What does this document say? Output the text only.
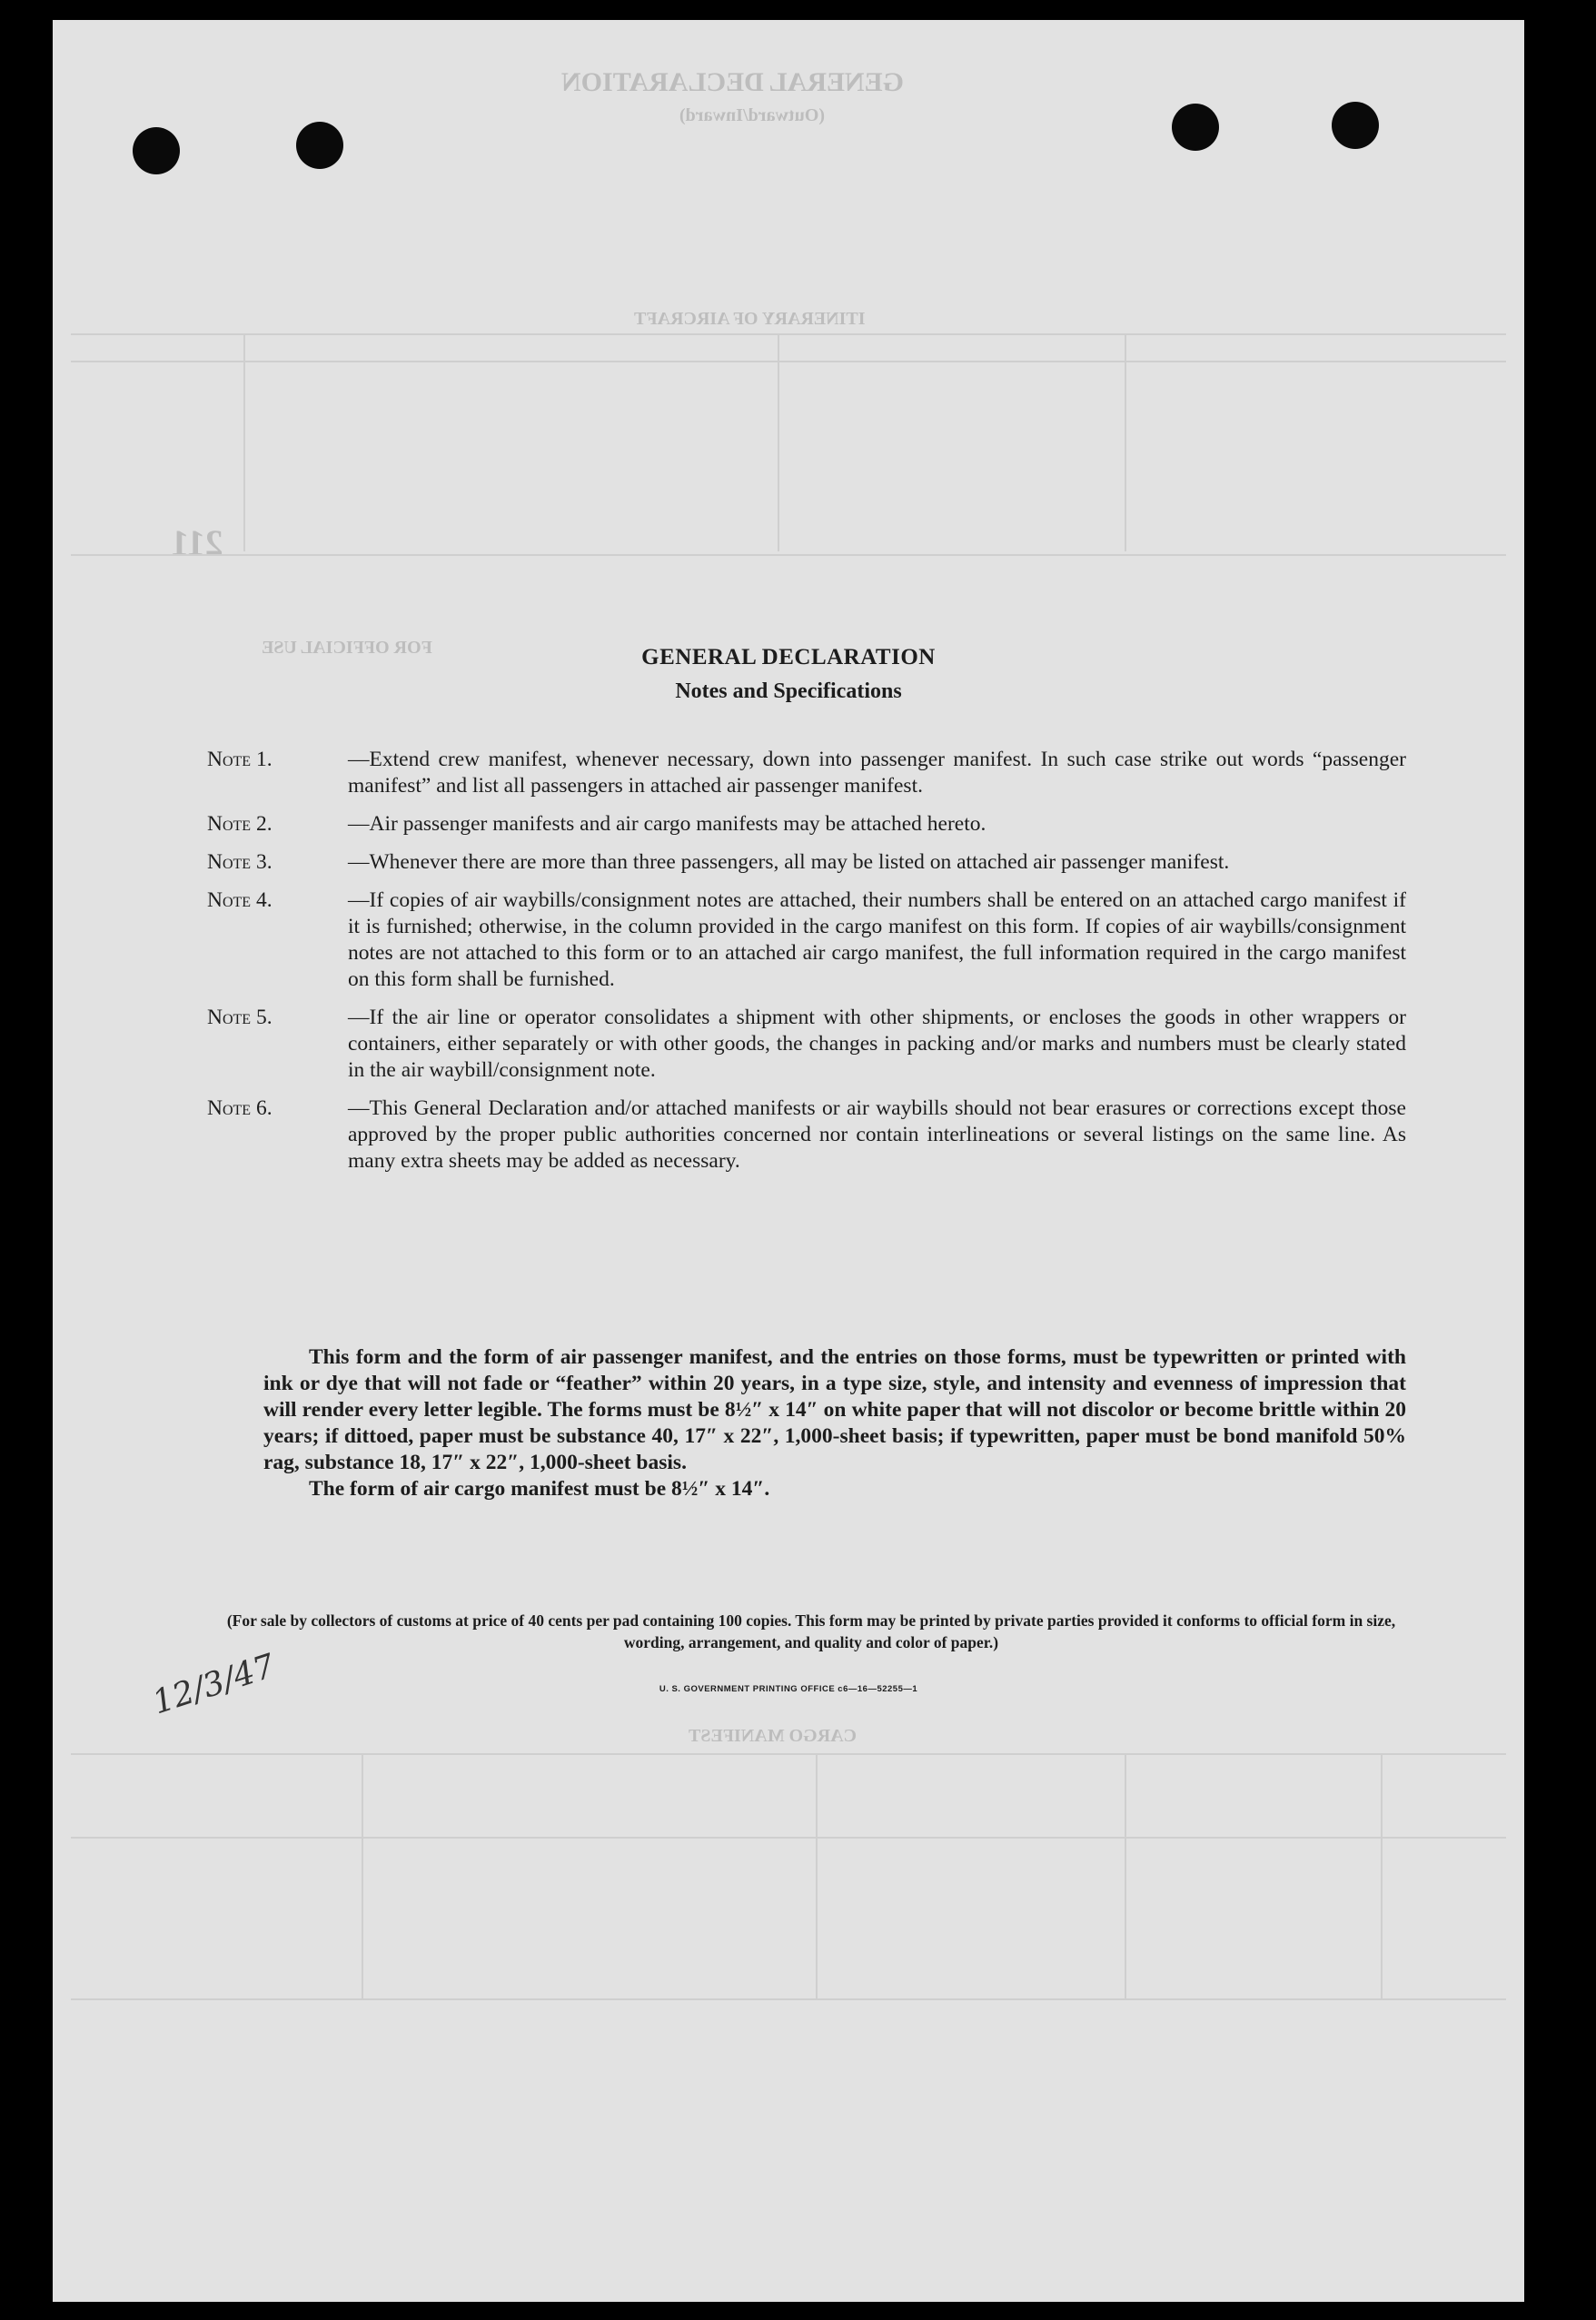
GENERAL DECLARATION
(Outward/Inward)
ITINERARY OF AIRCRAFT
211
FOR OFFICIAL USE
CARGO MANIFEST
GENERAL DECLARATION
Notes and Specifications
Note 1.	—Extend crew manifest, whenever necessary, down into passenger manifest. In such case strike out words “passenger manifest” and list all passengers in attached air passenger manifest.
Note 2.	—Air passenger manifests and air cargo manifests may be attached hereto.
Note 3.	—Whenever there are more than three passengers, all may be listed on attached air passenger manifest.
Note 4.	—If copies of air waybills/consignment notes are attached, their numbers shall be entered on an attached cargo manifest if it is furnished; otherwise, in the column provided in the cargo manifest on this form. If copies of air waybills/consignment notes are not attached to this form or to an attached air cargo manifest, the full information required in the cargo manifest on this form shall be furnished.
Note 5.	—If the air line or operator consolidates a shipment with other shipments, or encloses the goods in other wrappers or containers, either separately or with other goods, the changes in packing and/or marks and numbers must be clearly stated in the air waybill/consignment note.
Note 6.	—This General Declaration and/or attached manifests or air waybills should not bear erasures or corrections except those approved by the proper public authorities concerned nor contain interlineations or several listings on the same line. As many extra sheets may be added as necessary.

This form and the form of air passenger manifest, and the entries on those forms, must be typewritten or printed with ink or dye that will not fade or “feather” within 20 years, in a type size, style, and intensity and evenness of impression that will render every letter legible. The forms must be 8½″ x 14″ on white paper that will not discolor or become brittle within 20 years; if dittoed, paper must be substance 40, 17″ x 22″, 1,000-sheet basis; if typewritten, paper must be bond manifold 50% rag, substance 18, 17″ x 22″, 1,000-sheet basis.

The form of air cargo manifest must be 8½″ x 14″.

(For sale by collectors of customs at price of 40 cents per pad containing 100 copies. This form may be printed by private parties provided it conforms to official form in size, wording, arrangement, and quality and color of paper.)
12/3/47	U. S. GOVERNMENT PRINTING OFFICE c6—16—52255—1
